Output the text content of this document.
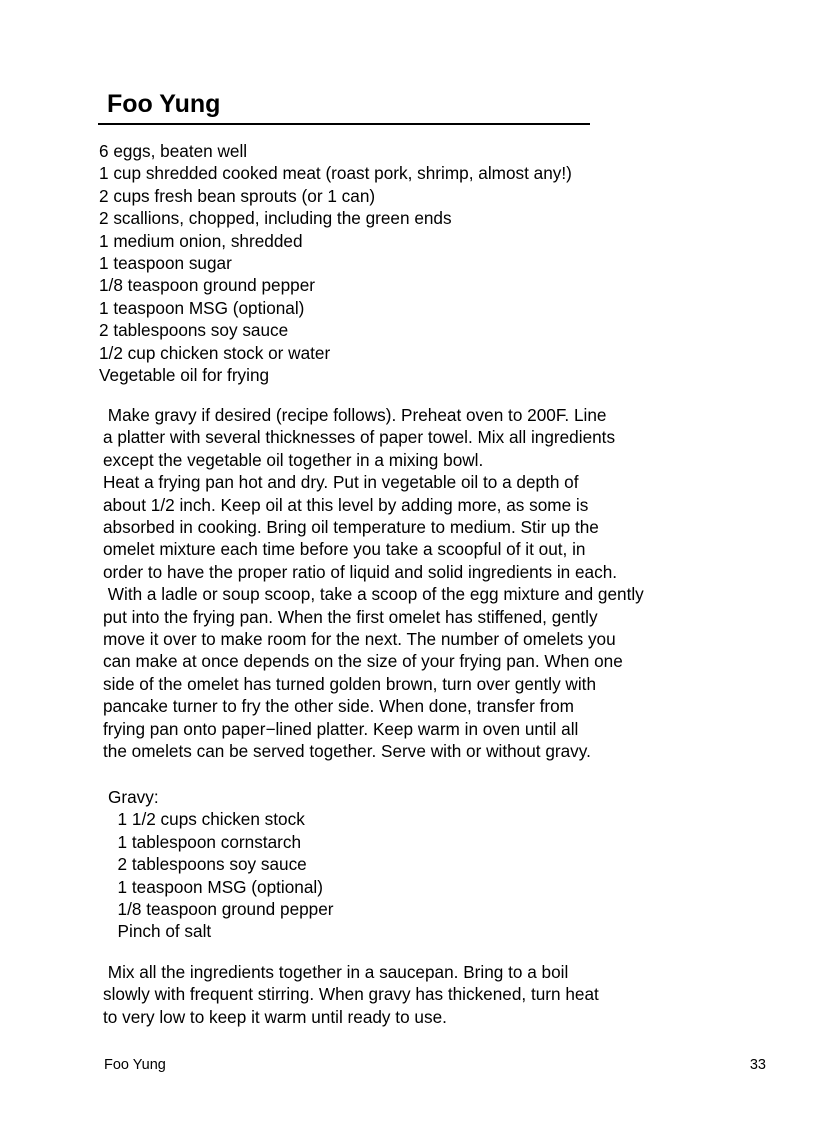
Foo Yung
6 eggs, beaten well
1 cup shredded cooked meat (roast pork, shrimp, almost any!)
2 cups fresh bean sprouts (or 1 can)
2 scallions, chopped, including the green ends
1 medium onion, shredded
1 teaspoon sugar
1/8 teaspoon ground pepper
1 teaspoon MSG (optional)
2 tablespoons soy sauce
1/2 cup chicken stock or water
Vegetable oil for frying
Make gravy if desired (recipe follows). Preheat oven to 200F. Line
a platter with several thicknesses of paper towel. Mix all ingredients
except the vegetable oil together in a mixing bowl.
Heat a frying pan hot and dry. Put in vegetable oil to a depth of
about 1/2 inch. Keep oil at this level by adding more, as some is
absorbed in cooking. Bring oil temperature to medium. Stir up the
omelet mixture each time before you take a scoopful of it out, in
order to have the proper ratio of liquid and solid ingredients in each.
With a ladle or soup scoop, take a scoop of the egg mixture and gently
put into the frying pan. When the first omelet has stiffened, gently
move it over to make room for the next. The number of omelets you
can make at once depends on the size of your frying pan. When one
side of the omelet has turned golden brown, turn over gently with
pancake turner to fry the other side. When done, transfer from
frying pan onto paper−lined platter. Keep warm in oven until all
the omelets can be served together. Serve with or without gravy.
Gravy:
1 1/2 cups chicken stock
1 tablespoon cornstarch
2 tablespoons soy sauce
1 teaspoon MSG (optional)
1/8 teaspoon ground pepper
Pinch of salt
Mix all the ingredients together in a saucepan. Bring to a boil
slowly with frequent stirring. When gravy has thickened, turn heat
to very low to keep it warm until ready to use.
Foo Yung	33
